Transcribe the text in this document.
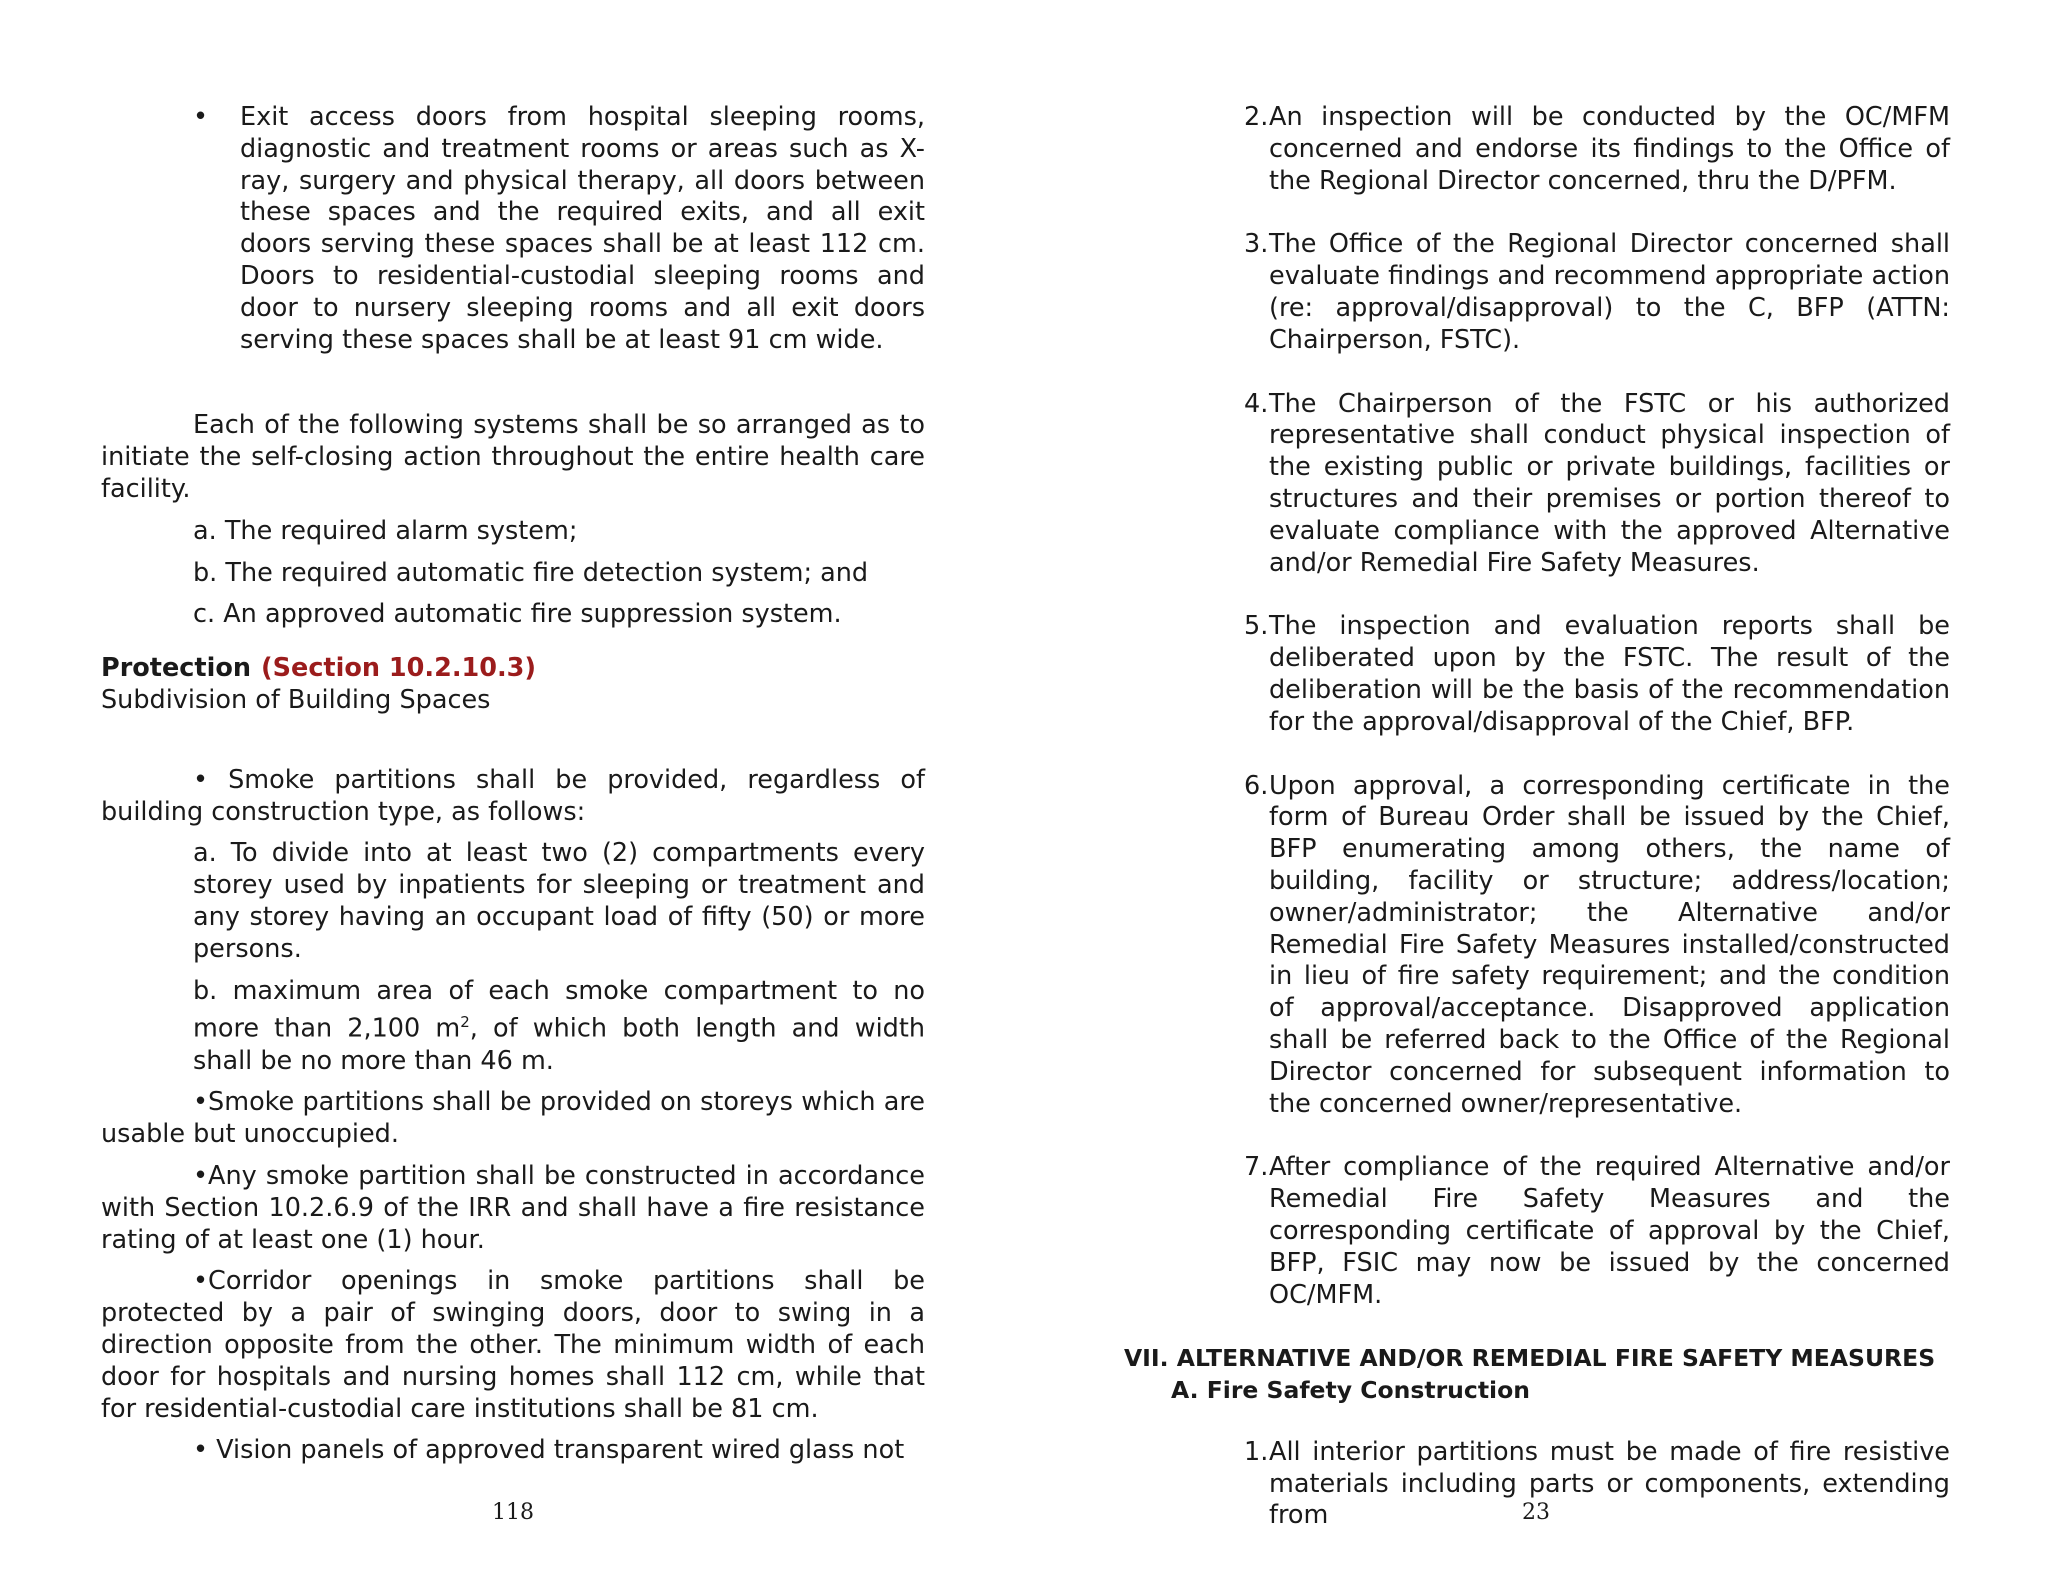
• Exit access doors from hospital sleeping rooms, diagnostic and treatment rooms or areas such as X-ray, surgery and physical therapy, all doors between these spaces and the required exits, and all exit doors serving these spaces shall be at least 112 cm. Doors to residential-custodial sleeping rooms and door to nursery sleeping rooms and all exit doors serving these spaces shall be at least 91 cm wide.

Each of the following systems shall be so arranged as to initiate the self-closing action throughout the entire health care facility.

a. The required alarm system;

b. The required automatic fire detection system; and

c. An approved automatic fire suppression system.

Protection (Section 10.2.10.3)

Subdivision of Building Spaces

• Smoke partitions shall be provided, regardless of building construction type, as follows:

a. To divide into at least two (2) compartments every storey used by inpatients for sleeping or treatment and any storey having an occupant load of fifty (50) or more persons.

b. maximum area of each smoke compartment to no more than 2,100 $m^2$, of which both length and width shall be no more than 46 m.

•Smoke partitions shall be provided on storeys which are usable but unoccupied.

•Any smoke partition shall be constructed in accordance with Section 10.2.6.9 of the IRR and shall have a fire resistance rating of at least one (1) hour.

•Corridor openings in smoke partitions shall be protected by a pair of swinging doors, door to swing in a direction opposite from the other. The minimum width of each door for hospitals and nursing homes shall 112 cm, while that for residential-custodial care institutions shall be 81 cm.

• Vision panels of approved transparent wired glass not

118
2. An inspection will be conducted by the OC/MFM concerned and endorse its findings to the Office of the Regional Director concerned, thru the D/PFM.
3. The Office of the Regional Director concerned shall evaluate findings and recommend appropriate action (re: approval/disapproval) to the C, BFP (ATTN: Chairperson, FSTC).
4. The Chairperson of the FSTC or his authorized representative shall conduct physical inspection of the existing public or private buildings, facilities or structures and their premises or portion thereof to evaluate compliance with the approved Alternative and/or Remedial Fire Safety Measures.
5. The inspection and evaluation reports shall be deliberated upon by the FSTC. The result of the deliberation will be the basis of the recommendation for the approval/disapproval of the Chief, BFP.
6. Upon approval, a corresponding certificate in the form of Bureau Order shall be issued by the Chief, BFP enumerating among others, the name of building, facility or structure; address/location; owner/administrator; the Alternative and/or Remedial Fire Safety Measures installed/constructed in lieu of fire safety requirement; and the condition of approval/acceptance. Disapproved application shall be referred back to the Office of the Regional Director concerned for subsequent information to the concerned owner/representative.
7. After compliance of the required Alternative and/or Remedial Fire Safety Measures and the corresponding certificate of approval by the Chief, BFP, FSIC may now be issued by the concerned OC/MFM.

VII. ALTERNATIVE AND/OR REMEDIAL FIRE SAFETY MEASURES

A. Fire Safety Construction

1. All interior partitions must be made of fire resistive materials including parts or components, extending from	23
